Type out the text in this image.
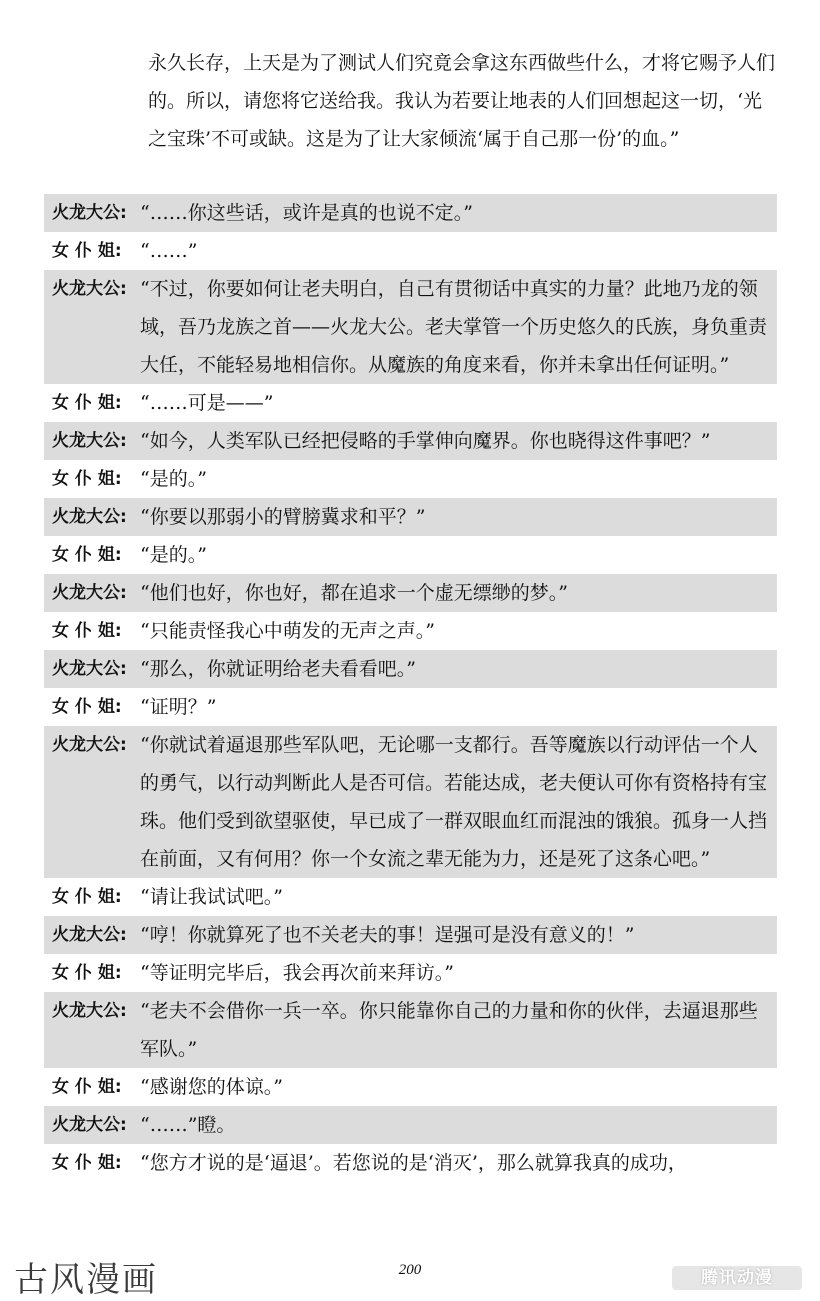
永久长存，上天是为了测试人们究竟会拿这东西做些什么，才将它赐予人们的。所以，请您将它送给我。我认为若要让地表的人们回想起这一切，‘光之宝珠’不可或缺。这是为了让大家倾流‘属于自己那一份’的血。”

火龙大公: “……你这些话，或许是真的也说不定。”
女 仆 姐: “……”
火龙大公: “不过，你要如何让老夫明白，自己有贯彻话中真实的力量？此地乃龙的领域，吾乃龙族之首——火龙大公。老夫掌管一个历史悠久的氏族，身负重责大任，不能轻易地相信你。从魔族的角度来看，你并未拿出任何证明。”
女 仆 姐: “……可是——”
火龙大公: “如今，人类军队已经把侵略的手掌伸向魔界。你也晓得这件事吧？”
女 仆 姐: “是的。”
火龙大公: “你要以那弱小的臂膀冀求和平？”
女 仆 姐: “是的。”
火龙大公: “他们也好，你也好，都在追求一个虚无缥缈的梦。”
女 仆 姐: “只能责怪我心中萌发的无声之声。”
火龙大公: “那么，你就证明给老夫看看吧。”
女 仆 姐: “证明？”
火龙大公: “你就试着逼退那些军队吧，无论哪一支都行。吾等魔族以行动评估一个人的勇气，以行动判断此人是否可信。若能达成，老夫便认可你有资格持有宝珠。他们受到欲望驱使，早已成了一群双眼血红而混浊的饿狼。孤身一人挡在前面，又有何用？你一个女流之辈无能为力，还是死了这条心吧。”
女 仆 姐: “请让我试试吧。”
火龙大公: “哼！你就算死了也不关老夫的事！逞强可是没有意义的！”
女 仆 姐: “等证明完毕后，我会再次前来拜访。”
火龙大公: “老夫不会借你一兵一卒。你只能靠你自己的力量和你的伙伴，去逼退那些军队。”
女 仆 姐: “感谢您的体谅。”
火龙大公: “……”瞪。
女 仆 姐: “您方才说的是‘逼退’。若您说的是‘消灭’，那么就算我真的成功，
古风漫画	200	腾讯动漫
